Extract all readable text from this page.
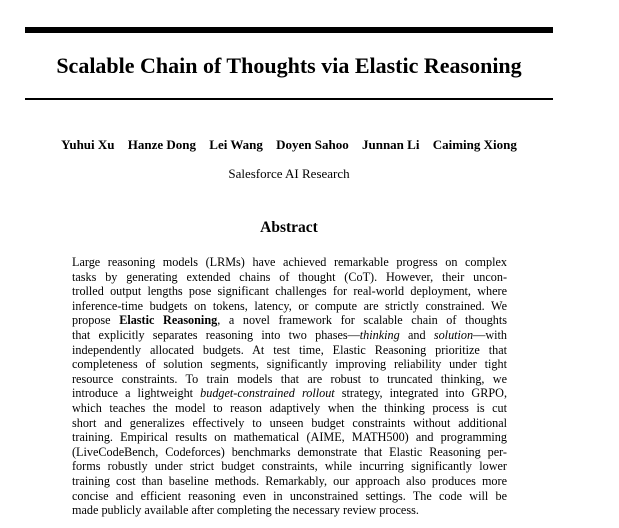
Scalable Chain of Thoughts via Elastic Reasoning
Yuhui Xu Hanze Dong Lei Wang Doyen Sahoo Junnan Li Caiming Xiong
Salesforce AI Research
Abstract
Large reasoning models (LRMs) have achieved remarkable progress on complex
tasks by generating extended chains of thought (CoT). However, their uncon-
trolled output lengths pose significant challenges for real-world deployment, where
inference-time budgets on tokens, latency, or compute are strictly constrained. We
propose Elastic Reasoning, a novel framework for scalable chain of thoughts
that explicitly separates reasoning into two phases—thinking and solution—with
independently allocated budgets. At test time, Elastic Reasoning prioritize that
completeness of solution segments, significantly improving reliability under tight
resource constraints. To train models that are robust to truncated thinking, we
introduce a lightweight budget-constrained rollout strategy, integrated into GRPO,
which teaches the model to reason adaptively when the thinking process is cut
short and generalizes effectively to unseen budget constraints without additional
training. Empirical results on mathematical (AIME, MATH500) and programming
(LiveCodeBench, Codeforces) benchmarks demonstrate that Elastic Reasoning per-
forms robustly under strict budget constraints, while incurring significantly lower
training cost than baseline methods. Remarkably, our approach also produces more
concise and efficient reasoning even in unconstrained settings. The code will be
made publicly available after completing the necessary review process.
